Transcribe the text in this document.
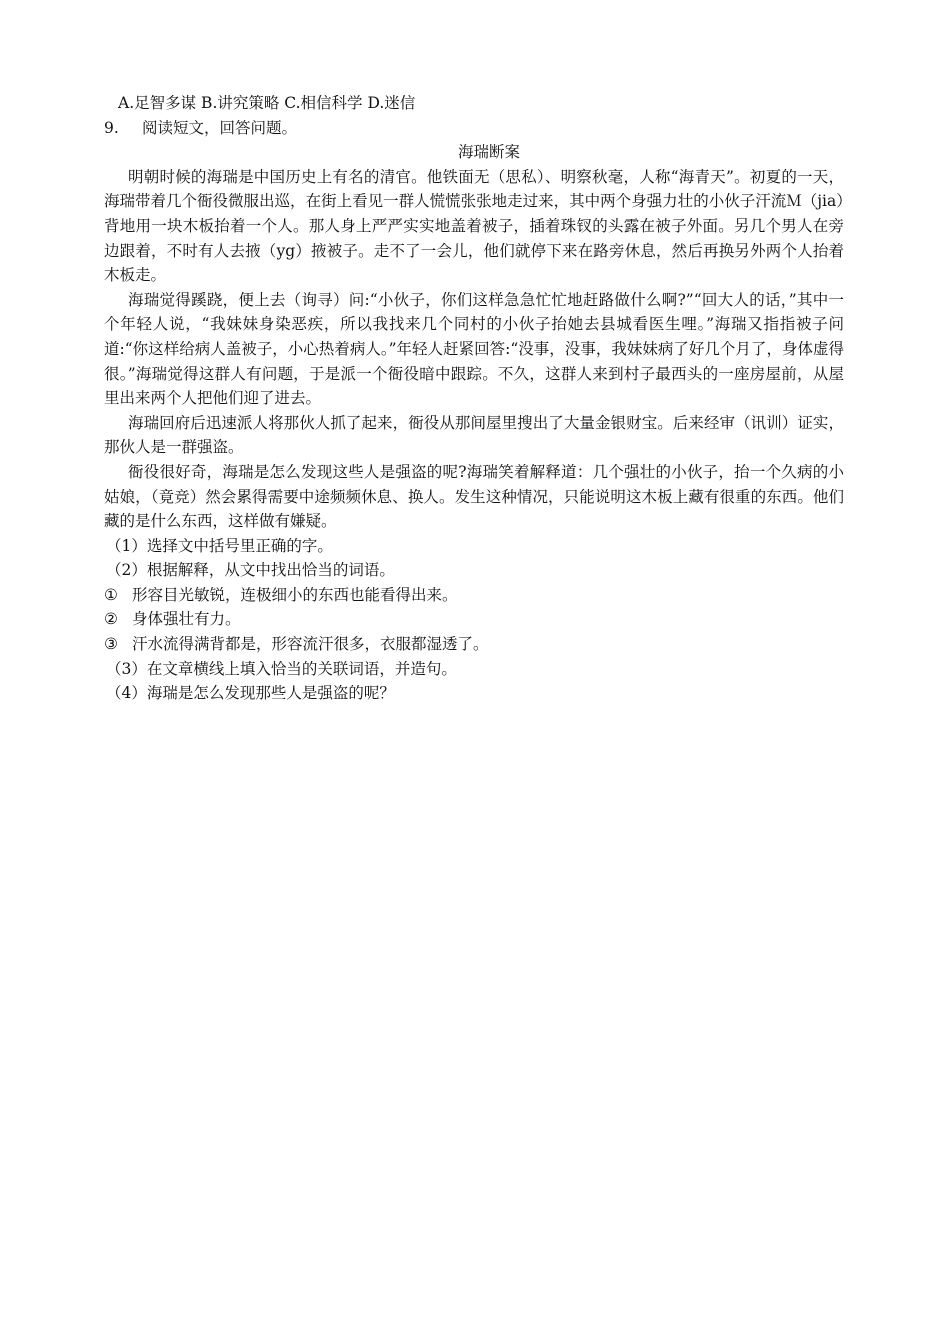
A.足智多谋 B.讲究策略 C.相信科学 D.迷信
9. 阅读短文，回答问题。
海瑞断案
明朝时候的海瑞是中国历史上有名的清官。他铁面无（思私）、明察秋毫，人称“海青天”。初夏的一天，海瑞带着几个衙役微服出巡，在街上看见一群人慌慌张张地走过来，其中两个身强力壮的小伙子汗流Ｍ（jia）背地用一块木板抬着一个人。那人身上严严实实地盖着被子，插着珠钗的头露在被子外面。另几个男人在旁边跟着，不时有人去掖（yg）掖被子。走不了一会儿，他们就停下来在路旁休息，然后再换另外两个人抬着木板走。
海瑞觉得蹊跷，便上去（询寻）问:“小伙子，你们这样急急忙忙地赶路做什么啊?”“回大人的话，”其中一个年轻人说，“我妹妹身染恶疾，所以我找来几个同村的小伙子抬她去县城看医生哩。”海瑞又指指被子问道:“你这样给病人盖被子，小心热着病人。”年轻人赶紧回答:“没事，没事，我妹妹病了好几个月了，身体虚得很。”海瑞觉得这群人有问题，于是派一个衙役暗中跟踪。不久，这群人来到村子最西头的一座房屋前，从屋里出来两个人把他们迎了进去。
海瑞回府后迅速派人将那伙人抓了起来，衙役从那间屋里搜出了大量金银财宝。后来经审（讯训）证实，那伙人是一群强盗。
衙役很好奇，海瑞是怎么发现这些人是强盗的呢?海瑞笑着解释道：几个强壮的小伙子，抬一个久病的小姑娘，（竟竞）然会累得需要中途频频休息、换人。发生这种情况，只能说明这木板上藏有很重的东西。他们藏的是什么东西，这样做有嫌疑。
（1）选择文中括号里正确的字。
（2）根据解释，从文中找出恰当的词语。
① 形容目光敏锐，连极细小的东西也能看得出来。
② 身体强壮有力。
③ 汗水流得满背都是，形容流汗很多，衣服都湿透了。
（3）在文章横线上填入恰当的关联词语，并造句。
（4）海瑞是怎么发现那些人是强盗的呢？
